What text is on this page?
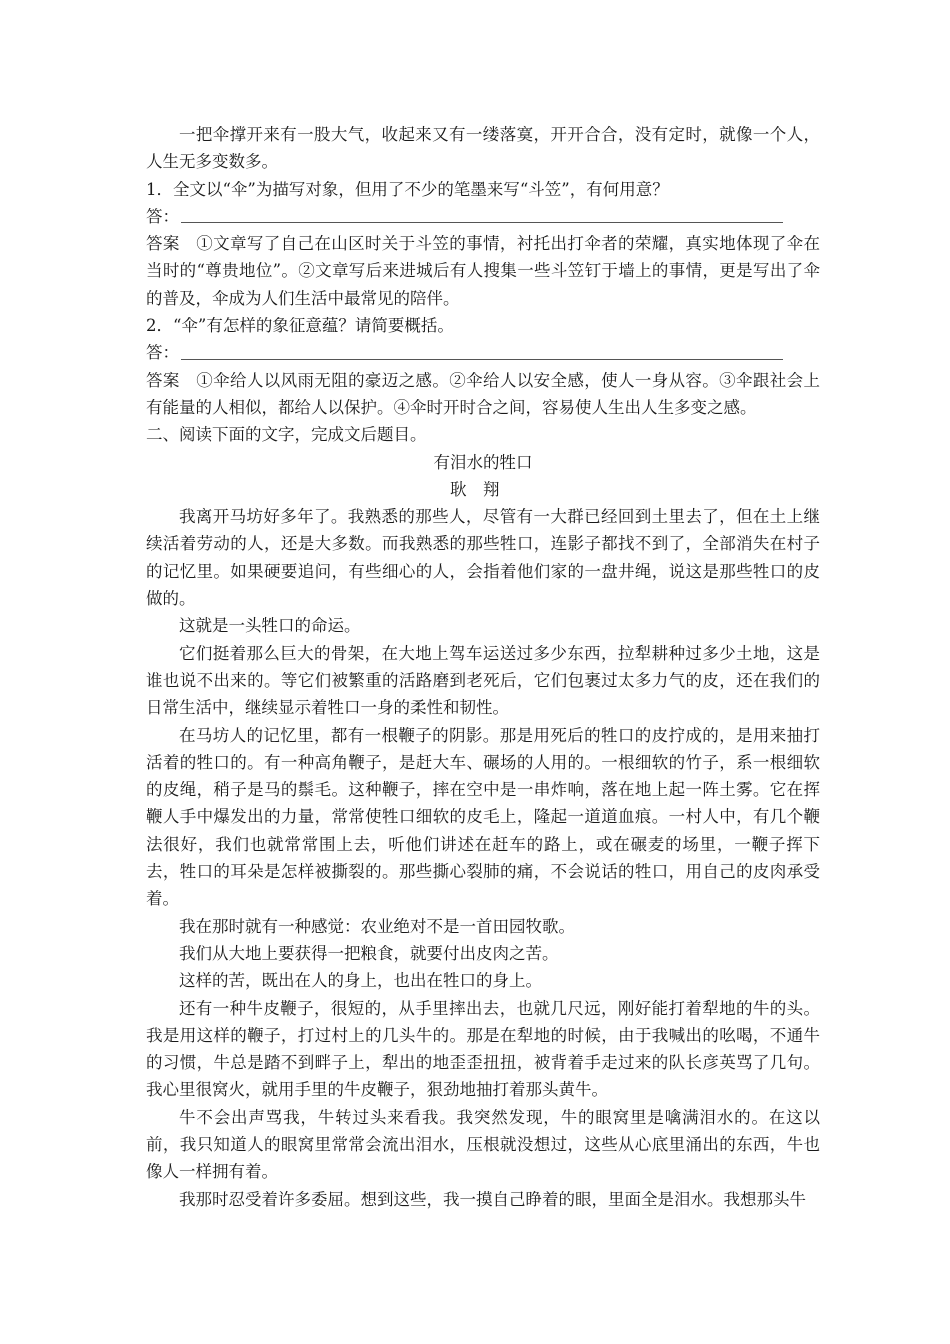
一把伞撑开来有一股大气，收起来又有一缕落寞，开开合合，没有定时，就像一个人，人生无多变数多。

1．全文以“伞”为描写对象，但用了不少的笔墨来写“斗笠”，有何用意？

答：

答案 ①文章写了自己在山区时关于斗笠的事情，衬托出打伞者的荣耀，真实地体现了伞在当时的“尊贵地位”。②文章写后来进城后有人搜集一些斗笠钉于墙上的事情，更是写出了伞的普及，伞成为人们生活中最常见的陪伴。

2．“伞”有怎样的象征意蕴？请简要概括。

答：

答案 ①伞给人以风雨无阻的豪迈之感。②伞给人以安全感，使人一身从容。③伞跟社会上有能量的人相似，都给人以保护。④伞时开时合之间，容易使人生出人生多变之感。

二、阅读下面的文字，完成文后题目。

有泪水的牲口

耿翔

我离开马坊好多年了。我熟悉的那些人，尽管有一大群已经回到土里去了，但在土上继续活着劳动的人，还是大多数。而我熟悉的那些牲口，连影子都找不到了，全部消失在村子的记忆里。如果硬要追问，有些细心的人，会指着他们家的一盘井绳，说这是那些牲口的皮做的。

这就是一头牲口的命运。

它们挺着那么巨大的骨架，在大地上驾车运送过多少东西，拉犁耕种过多少土地，这是谁也说不出来的。等它们被繁重的活路磨到老死后，它们包裹过太多力气的皮，还在我们的日常生活中，继续显示着牲口一身的柔性和韧性。

在马坊人的记忆里，都有一根鞭子的阴影。那是用死后的牲口的皮拧成的，是用来抽打活着的牲口的。有一种高角鞭子，是赶大车、碾场的人用的。一根细软的竹子，系一根细软的皮绳，稍子是马的鬃毛。这种鞭子，摔在空中是一串炸响，落在地上起一阵土雾。它在挥鞭人手中爆发出的力量，常常使牲口细软的皮毛上，隆起一道道血痕。一村人中，有几个鞭法很好，我们也就常常围上去，听他们讲述在赶车的路上，或在碾麦的场里，一鞭子挥下去，牲口的耳朵是怎样被撕裂的。那些撕心裂肺的痛，不会说话的牲口，用自己的皮肉承受着。

我在那时就有一种感觉：农业绝对不是一首田园牧歌。

我们从大地上要获得一把粮食，就要付出皮肉之苦。

这样的苦，既出在人的身上，也出在牲口的身上。

还有一种牛皮鞭子，很短的，从手里摔出去，也就几尺远，刚好能打着犁地的牛的头。我是用这样的鞭子，打过村上的几头牛的。那是在犁地的时候，由于我喊出的吆喝，不通牛的习惯，牛总是踏不到畔子上，犁出的地歪歪扭扭，被背着手走过来的队长彦英骂了几句。我心里很窝火，就用手里的牛皮鞭子，狠劲地抽打着那头黄牛。

牛不会出声骂我，牛转过头来看我。我突然发现，牛的眼窝里是噙满泪水的。在这以前，我只知道人的眼窝里常常会流出泪水，压根就没想过，这些从心底里涌出的东西，牛也像人一样拥有着。

我那时忍受着许多委屈。想到这些，我一摸自己睁着的眼，里面全是泪水。我想那头牛
